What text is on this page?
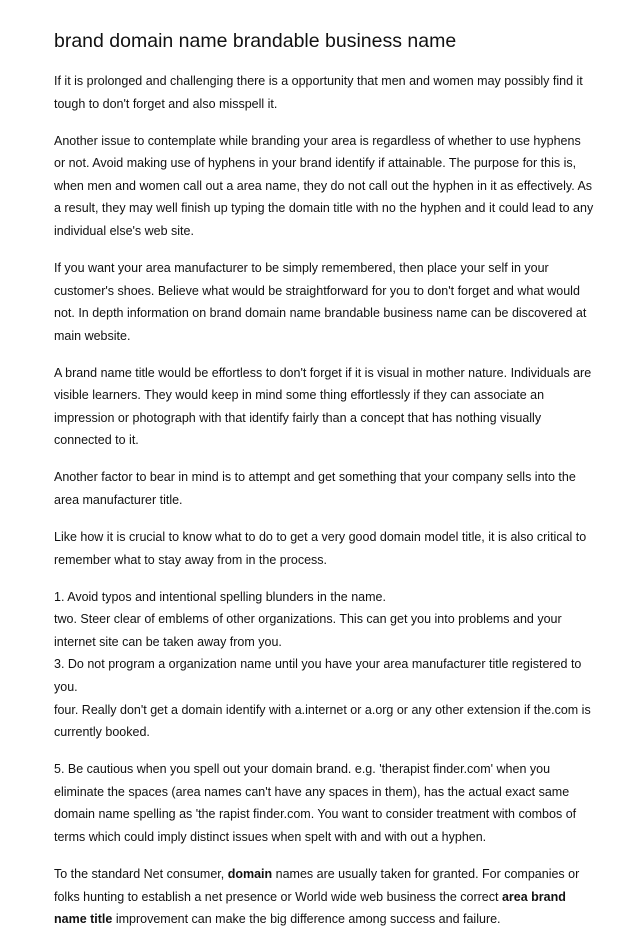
brand domain name brandable business name

If it is prolonged and challenging there is a opportunity that men and women may possibly find it tough to don't forget and also misspell it.

Another issue to contemplate while branding your area is regardless of whether to use hyphens or not. Avoid making use of hyphens in your brand identify if attainable. The purpose for this is, when men and women call out a area name, they do not call out the hyphen in it as effectively. As a result, they may well finish up typing the domain title with no the hyphen and it could lead to any individual else's web site.

If you want your area manufacturer to be simply remembered, then place your self in your customer's shoes. Believe what would be straightforward for you to don't forget and what would not. In depth information on brand domain name brandable business name can be discovered at main website.

A brand name title would be effortless to don't forget if it is visual in mother nature. Individuals are visible learners. They would keep in mind some thing effortlessly if they can associate an impression or photograph with that identify fairly than a concept that has nothing visually connected to it.

Another factor to bear in mind is to attempt and get something that your company sells into the area manufacturer title.

Like how it is crucial to know what to do to get a very good domain model title, it is also critical to remember what to stay away from in the process.

1. Avoid typos and intentional spelling blunders in the name.
two. Steer clear of emblems of other organizations. This can get you into problems and your internet site can be taken away from you.
3. Do not program a organization name until you have your area manufacturer title registered to you.
four. Really don't get a domain identify with a.internet or a.org or any other extension if the.com is currently booked.

5. Be cautious when you spell out your domain brand. e.g. 'therapist finder.com' when you eliminate the spaces (area names can't have any spaces in them), has the actual exact same domain name spelling as 'the rapist finder.com. You want to consider treatment with combos of terms which could imply distinct issues when spelt with and with out a hyphen.

To the standard Net consumer, domain names are usually taken for granted. For companies or folks hunting to establish a net presence or World wide web business the correct area brand name title improvement can make the big difference among success and failure.
